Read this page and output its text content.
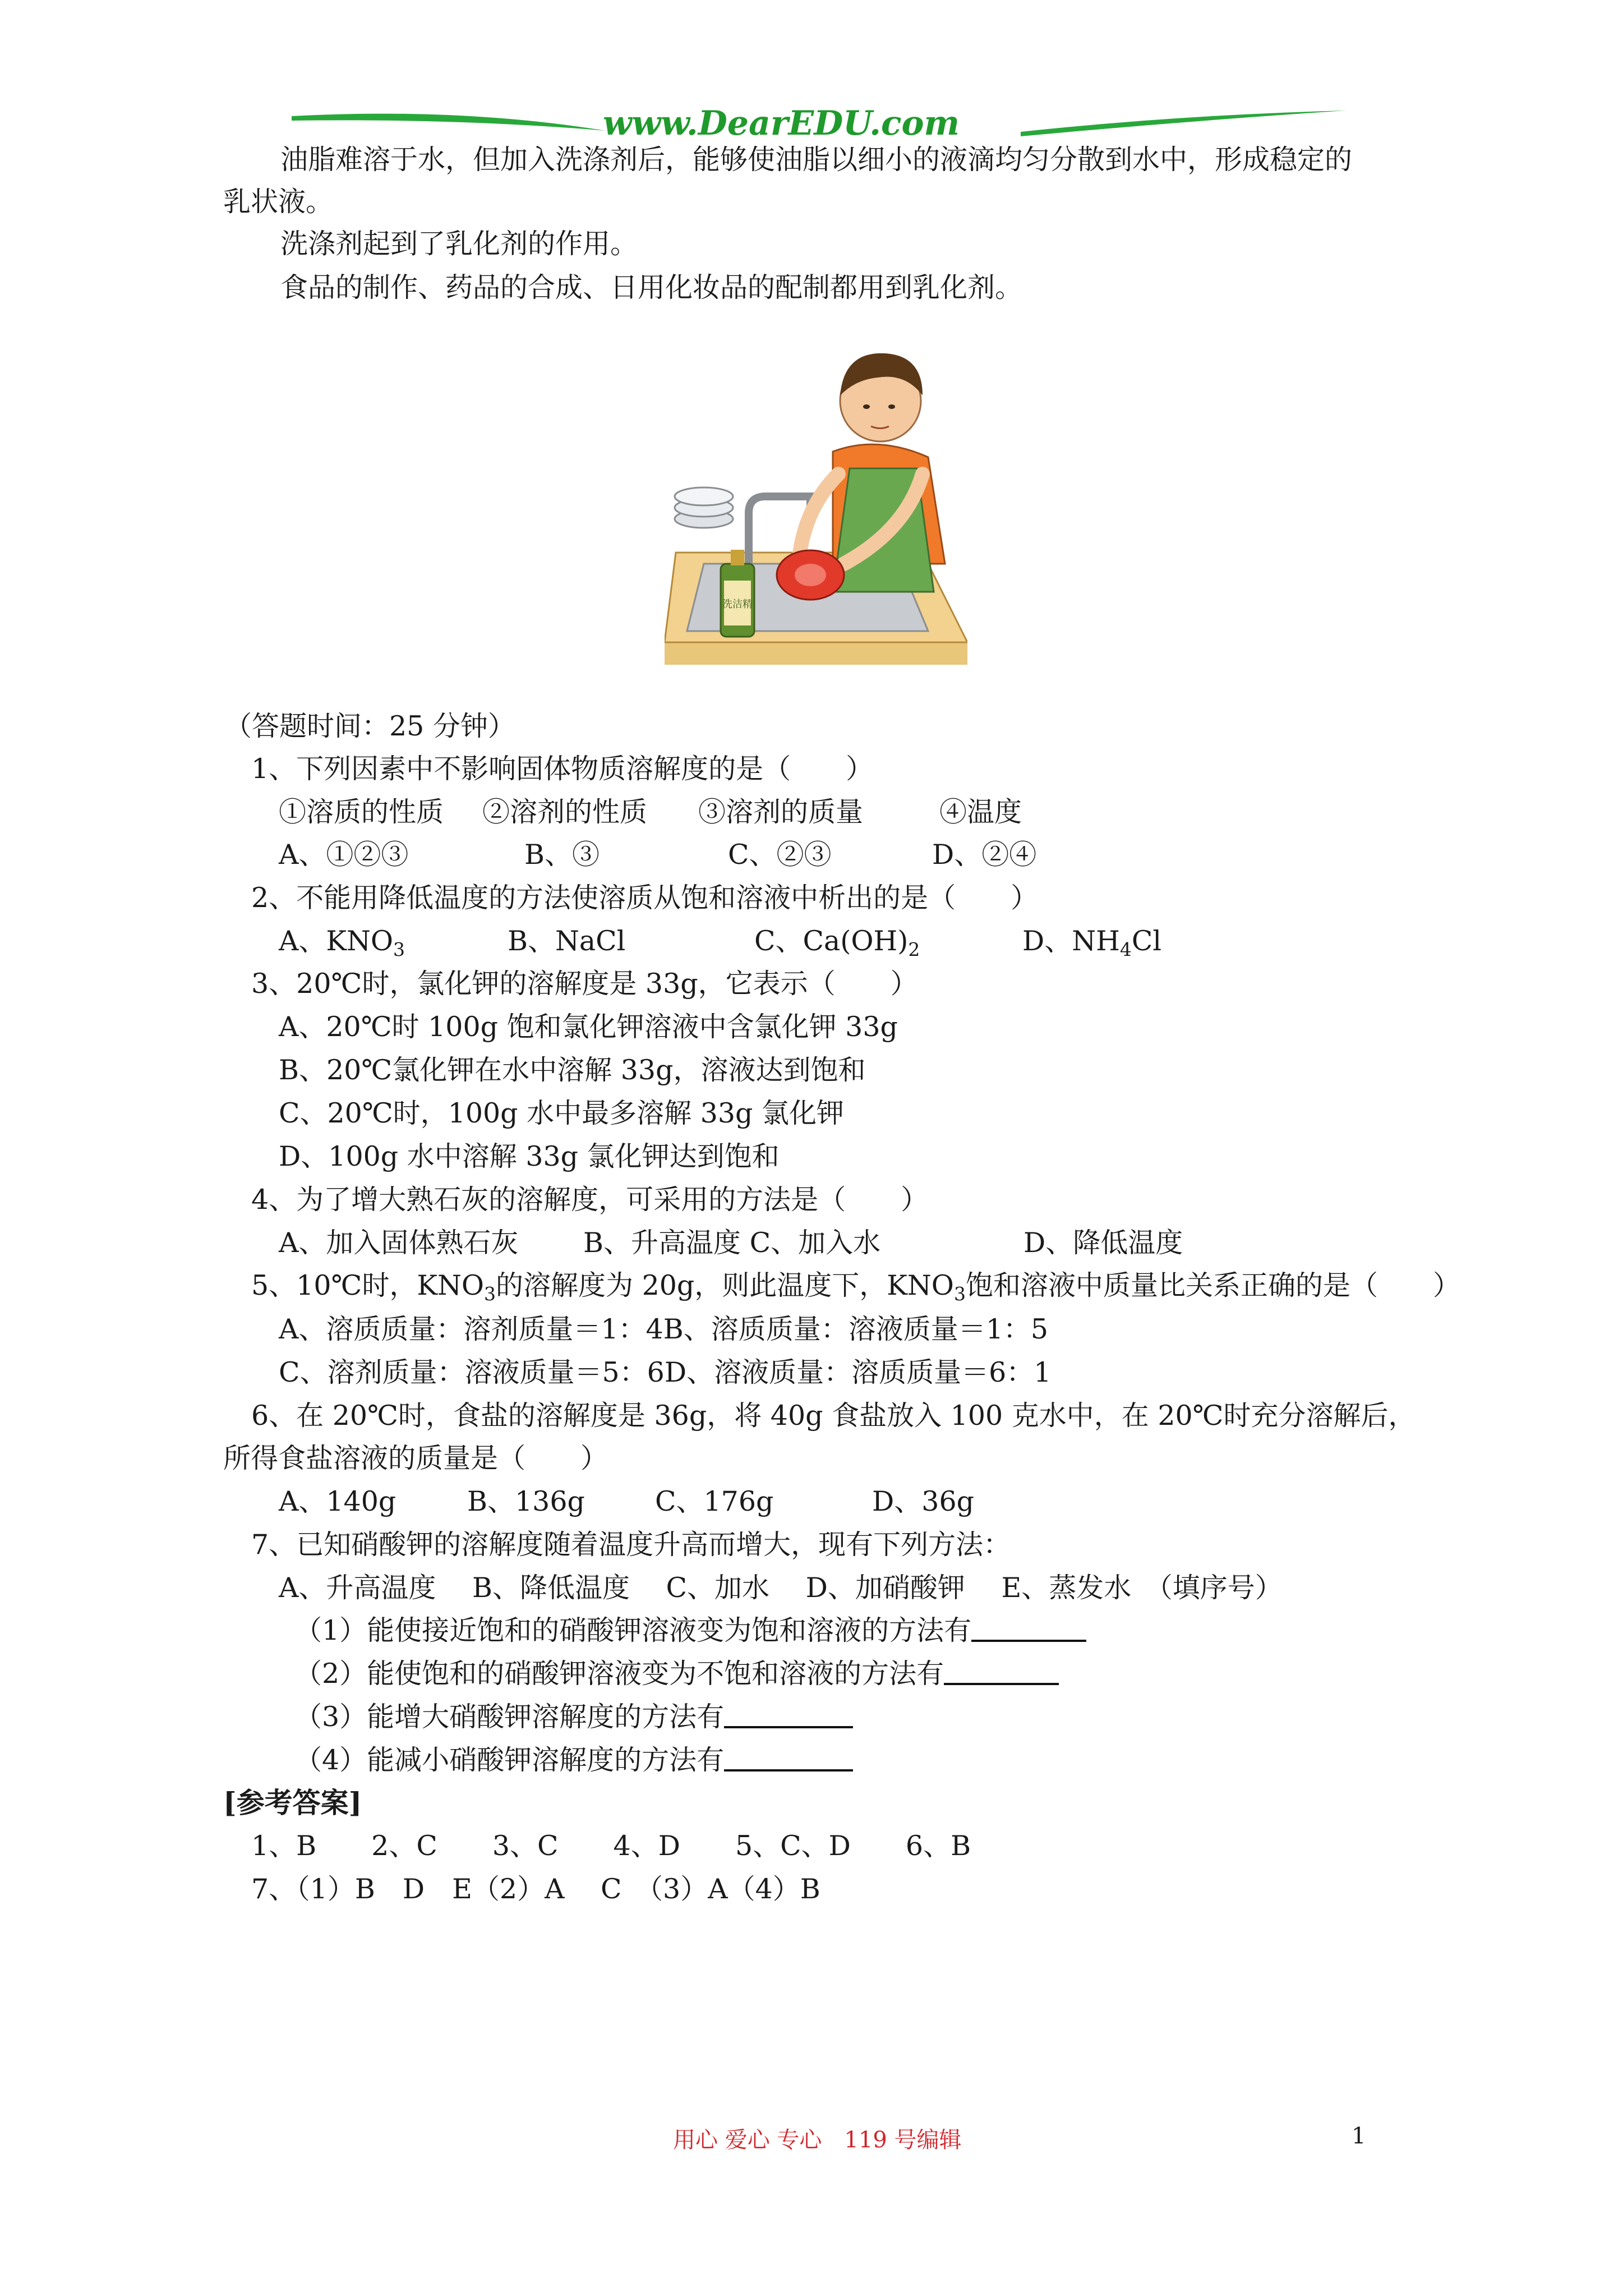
www.DearEDU.com
油脂难溶于水，但加入洗涤剂后，能够使油脂以细小的液滴均匀分散到水中，形成稳定的
乳状液。
洗涤剂起到了乳化剂的作用。
食品的制作、药品的合成、日用化妆品的配制都用到乳化剂。
洗洁精
（答题时间：25 分钟）
1、下列因素中不影响固体物质溶解度的是（　　）
①溶质的性质 ②溶剂的性质 ③溶剂的质量	④温度
A、①②③	B、③	C、②③	D、②④
2、不能用降低温度的方法使溶质从饱和溶液中析出的是（　　）
A、$KNO_3$	B、NaCl	C、$Ca(OH)_2$	D、$NH_4Cl$
3、20℃时，氯化钾的溶解度是 33g，它表示（　　）
A、20℃时 100g 饱和氯化钾溶液中含氯化钾 33g
B、20℃氯化钾在水中溶解 33g，溶液达到饱和
C、20℃时，100g 水中最多溶解 33g 氯化钾
D、100g 水中溶解 33g 氯化钾达到饱和
4、为了增大熟石灰的溶解度，可采用的方法是（　　）
A、加入固体熟石灰 B、升高温度 C、加入水	D、降低温度
5、10℃时，$KNO_3$的溶解度为 20g，则此温度下，$KNO_3$饱和溶液中质量比关系正确的是（　　）
A、溶质质量：溶剂质量＝1：4B、溶质质量：溶液质量＝1：5
C、溶剂质量：溶液质量＝5：6D、溶液质量：溶质质量＝6：1
6、在 20℃时，食盐的溶解度是 36g，将 40g 食盐放入 100 克水中，在 20℃时充分溶解后，
所得食盐溶液的质量是（　　）
A、140g	B、136g	C、176g	D、36g
7、已知硝酸钾的溶解度随着温度升高而增大，现有下列方法：
A、升高温度　 B、降低温度　 C、加水　 D、加硝酸钾　 E、蒸发水　（填序号）
（1）能使接近饱和的硝酸钾溶液变为饱和溶液的方法有
（2）能使饱和的硝酸钾溶液变为不饱和溶液的方法有
（3）能增大硝酸钾溶解度的方法有
（4）能减小硝酸钾溶解度的方法有
[参考答案]
1、B　　2、C　　3、C　　4、D　　5、C、D　　6、B
7、（1）B　D　E（2）A　 C　（3）A（4）B
用心 爱心 专心　119 号编辑	1
